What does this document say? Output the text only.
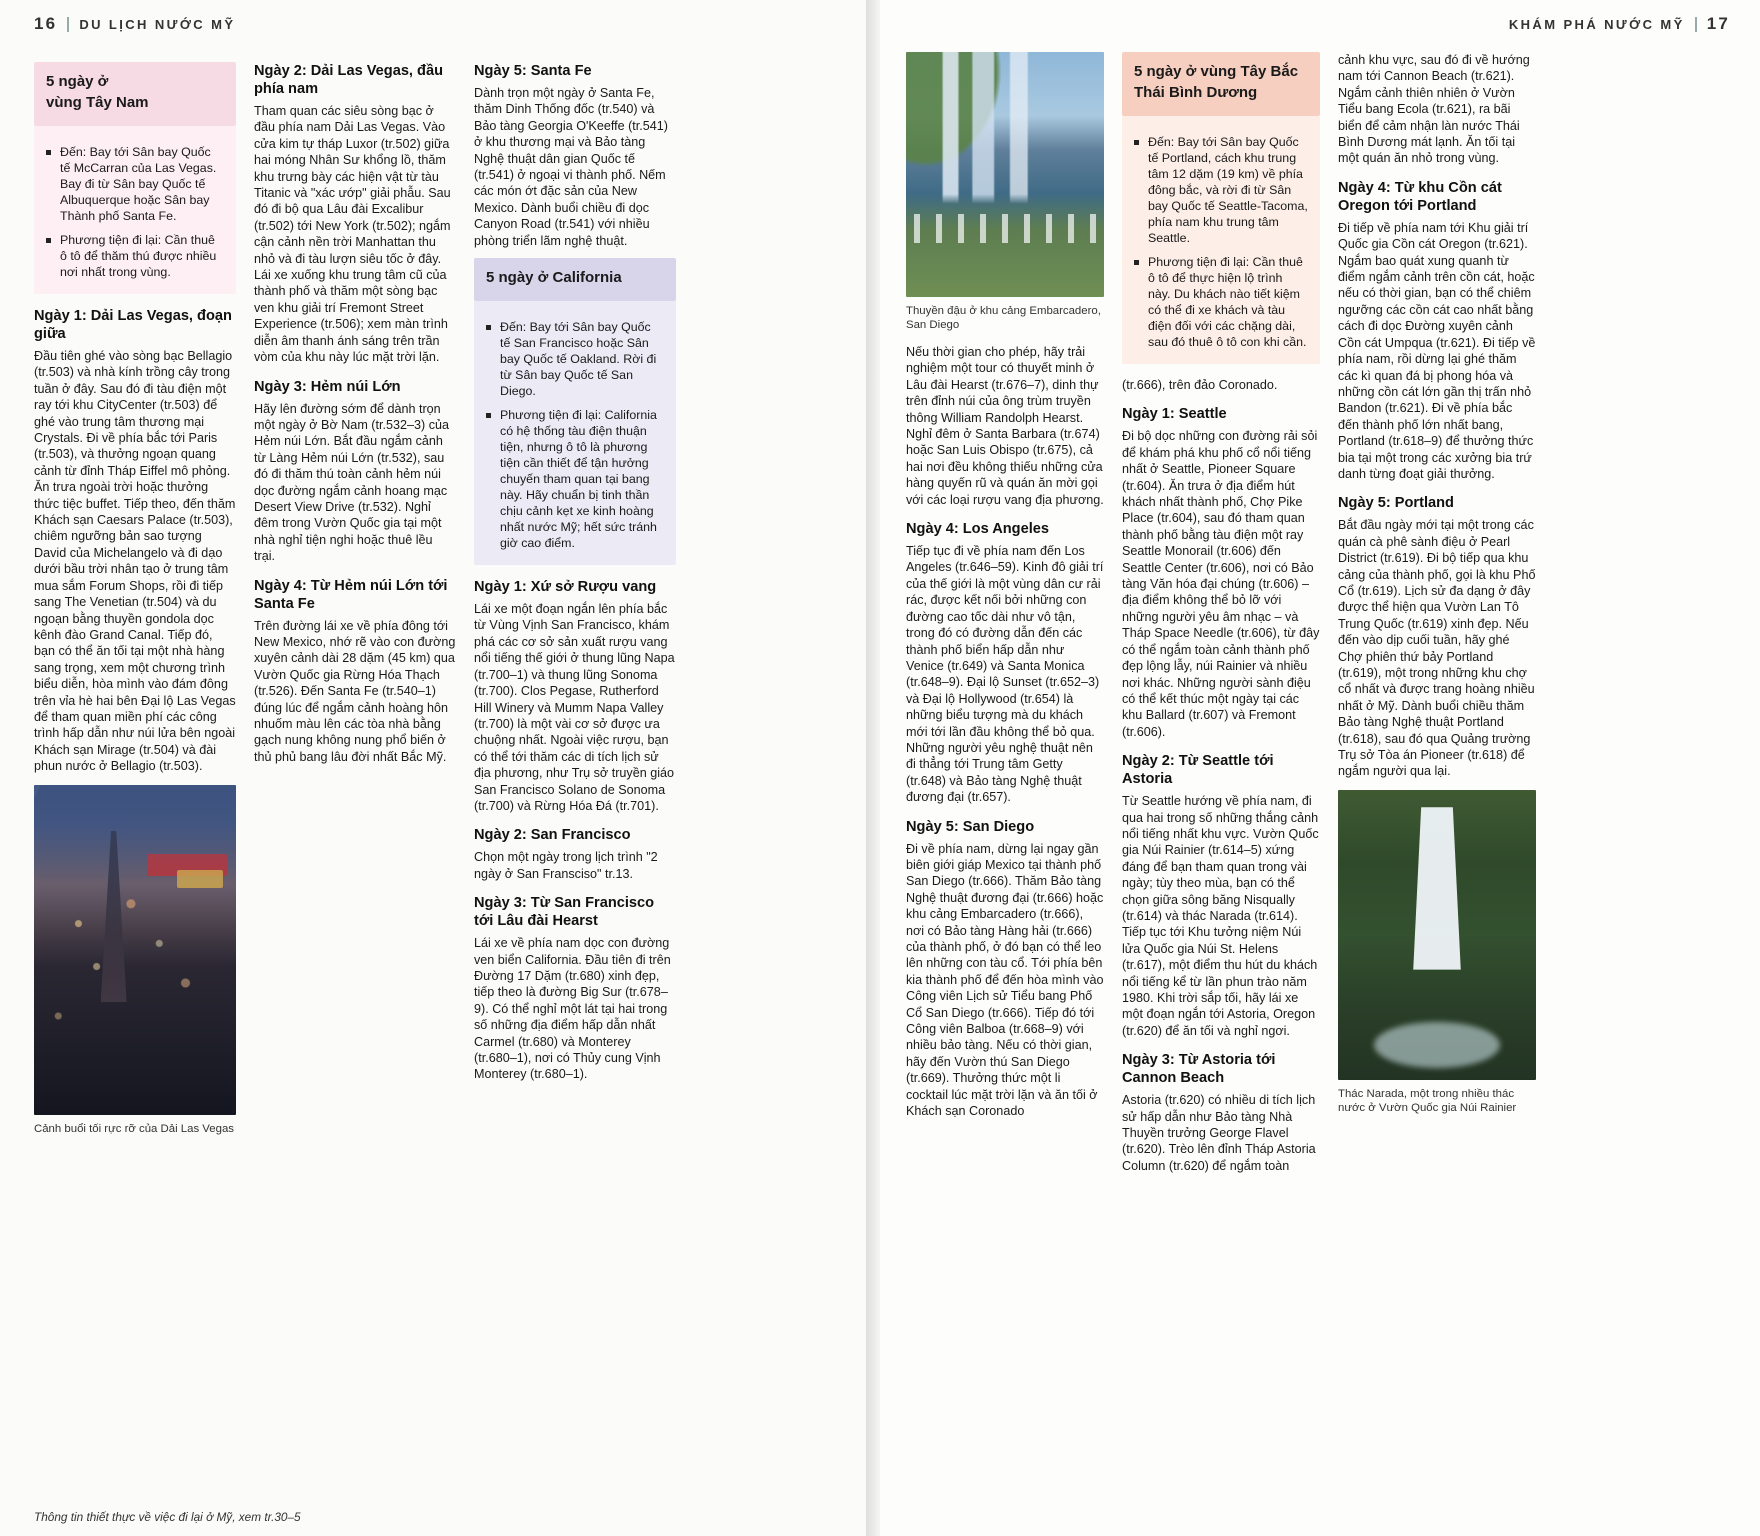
16 DU LỊCH NƯỚC MỸ
5 ngày ở
vùng Tây Nam
Đến: Bay tới Sân bay Quốc tế McCarran của Las Vegas. Bay đi từ Sân bay Quốc tế Albuquerque hoặc Sân bay Thành phố Santa Fe.
Phương tiện đi lại: Cần thuê ô tô để thăm thú được nhiều nơi nhất trong vùng.
Ngày 1: Dải Las Vegas, đoạn giữa

Đầu tiên ghé vào sòng bạc Bellagio (tr.503) và nhà kính trồng cây trong tuần ở đây. Sau đó đi tàu điện một ray tới khu CityCenter (tr.503) để ghé vào trung tâm thương mại Crystals. Đi về phía bắc tới Paris (tr.503), và thưởng ngoạn quang cảnh từ đỉnh Tháp Eiffel mô phỏng. Ăn trưa ngoài trời hoặc thưởng thức tiệc buffet. Tiếp theo, đến thăm Khách sạn Caesars Palace (tr.503), chiêm ngưỡng bản sao tượng David của Michelangelo và đi dạo dưới bầu trời nhân tạo ở trung tâm mua sắm Forum Shops, rồi đi tiếp sang The Venetian (tr.504) và du ngoạn bằng thuyền gondola dọc kênh đào Grand Canal. Tiếp đó, bạn có thể ăn tối tại một nhà hàng sang trọng, xem một chương trình biểu diễn, hòa mình vào đám đông trên vỉa hè hai bên Đại lộ Las Vegas để tham quan miền phí các công trình hấp dẫn như núi lửa bên ngoài Khách sạn Mirage (tr.504) và đài phun nước ở Bellagio (tr.503).

Cảnh buổi tối rực rỡ của Dải Las Vegas
Ngày 2: Dải Las Vegas, đầu phía nam

Tham quan các siêu sòng bạc ở đầu phía nam Dải Las Vegas. Vào cửa kim tự tháp Luxor (tr.502) giữa hai móng Nhân Sư khổng lồ, thăm khu trưng bày các hiện vật từ tàu Titanic và "xác ướp" giải phẫu. Sau đó đi bộ qua Lâu đài Excalibur (tr.502) tới New York (tr.502); ngắm cận cảnh nền trời Manhattan thu nhỏ và đi tàu lượn siêu tốc ở đây. Lái xe xuống khu trung tâm cũ của thành phố và thăm một sòng bạc ven khu giải trí Fremont Street Experience (tr.506); xem màn trình diễn âm thanh ánh sáng trên trần vòm của khu này lúc mặt trời lặn.

Ngày 3: Hẻm núi Lớn

Hãy lên đường sớm để dành trọn một ngày ở Bờ Nam (tr.532–3) của Hẻm núi Lớn. Bắt đầu ngắm cảnh từ Làng Hẻm núi Lớn (tr.532), sau đó đi thăm thú toàn cảnh hẻm núi dọc đường ngắm cảnh hoang mạc Desert View Drive (tr.532). Nghỉ đêm trong Vườn Quốc gia tại một nhà nghỉ tiện nghi hoặc thuê lều trại.

Ngày 4: Từ Hẻm núi Lớn tới Santa Fe

Trên đường lái xe về phía đông tới New Mexico, nhớ rẽ vào con đường xuyên cảnh dài 28 dặm (45 km) qua Vườn Quốc gia Rừng Hóa Thạch (tr.526). Đến Santa Fe (tr.540–1) đúng lúc để ngắm cảnh hoàng hôn nhuốm màu lên các tòa nhà bằng gạch nung không nung phổ biến ở thủ phủ bang lâu đời nhất Bắc Mỹ.

Ngày 5: Santa Fe

Dành trọn một ngày ở Santa Fe, thăm Dinh Thống đốc (tr.540) và Bảo tàng Georgia O'Keeffe (tr.541) ở khu thương mại và Bảo tàng Nghệ thuật dân gian Quốc tế (tr.541) ở ngoại vi thành phố. Nếm các món ớt đặc sản của New Mexico. Dành buổi chiều đi dọc Canyon Road (tr.541) với nhiều phòng triển lãm nghệ thuật.

5 ngày ở California
Đến: Bay tới Sân bay Quốc tế San Francisco hoặc Sân bay Quốc tế Oakland. Rời đi từ Sân bay Quốc tế San Diego.
Phương tiện đi lại: California có hệ thống tàu điện thuận tiện, nhưng ô tô là phương tiện cần thiết để tận hưởng chuyến tham quan tại bang này. Hãy chuẩn bị tinh thần chịu cảnh kẹt xe kinh hoàng nhất nước Mỹ; hết sức tránh giờ cao điểm.
Ngày 1: Xứ sở Rượu vang

Lái xe một đoạn ngắn lên phía bắc từ Vùng Vịnh San Francisco, khám phá các cơ sở sản xuất rượu vang nổi tiếng thế giới ở thung lũng Napa (tr.700–1) và thung lũng Sonoma (tr.700). Clos Pegase, Rutherford Hill Winery và Mumm Napa Valley (tr.700) là một vài cơ sở được ưa chuộng nhất. Ngoài việc rượu, bạn có thể tới thăm các di tích lịch sử địa phương, như Trụ sở truyền giáo San Francisco Solano de Sonoma (tr.700) và Rừng Hóa Đá (tr.701).

Ngày 2: San Francisco

Chọn một ngày trong lịch trình "2 ngày ở San Fransciso" tr.13.

Ngày 3: Từ San Francisco tới Lâu đài Hearst

Lái xe về phía nam dọc con đường ven biển California. Đầu tiên đi trên Đường 17 Dặm (tr.680) xinh đẹp, tiếp theo là đường Big Sur (tr.678–9). Có thể nghỉ một lát tại hai trong số những địa điểm hấp dẫn nhất Carmel (tr.680) và Monterey (tr.680–1), nơi có Thủy cung Vịnh Monterey (tr.680–1).

Thông tin thiết thực về việc đi lại ở Mỹ, xem tr.30–5
KHÁM PHÁ NƯỚC MỸ 17
Thuyền đậu ở khu cảng Embarcadero, San Diego

Nếu thời gian cho phép, hãy trải nghiệm một tour có thuyết minh ở Lâu đài Hearst (tr.676–7), dinh thự trên đỉnh núi của ông trùm truyền thông William Randolph Hearst. Nghỉ đêm ở Santa Barbara (tr.674) hoặc San Luis Obispo (tr.675), cả hai nơi đều không thiếu những cửa hàng quyến rũ và quán ăn mời gọi với các loại rượu vang địa phương.

Ngày 4: Los Angeles

Tiếp tục đi về phía nam đến Los Angeles (tr.646–59). Kinh đô giải trí của thế giới là một vùng dân cư rải rác, được kết nối bởi những con đường cao tốc dài như vô tận, trong đó có đường dẫn đến các thành phố biển hấp dẫn như Venice (tr.649) và Santa Monica (tr.648–9). Đại lộ Sunset (tr.652–3) và Đại lộ Hollywood (tr.654) là những biểu tượng mà du khách mới tới lần đầu không thể bỏ qua. Những người yêu nghệ thuật nên đi thẳng tới Trung tâm Getty (tr.648) và Bảo tàng Nghệ thuật đương đại (tr.657).

Ngày 5: San Diego

Đi về phía nam, dừng lại ngay gần biên giới giáp Mexico tại thành phố San Diego (tr.666). Thăm Bảo tàng Nghệ thuật đương đại (tr.666) hoặc khu cảng Embarcadero (tr.666), nơi có Bảo tàng Hàng hải (tr.666) của thành phố, ở đó bạn có thể leo lên những con tàu cổ. Tới phía bên kia thành phố để đến hòa mình vào Công viên Lịch sử Tiểu bang Phố Cổ San Diego (tr.666). Tiếp đó tới Công viên Balboa (tr.668–9) với nhiều bảo tàng. Nếu có thời gian, hãy đến Vườn thú San Diego (tr.669). Thưởng thức một li cocktail lúc mặt trời lặn và ăn tối ở Khách sạn Coronado

5 ngày ở vùng Tây Bắc
Thái Bình Dương
Đến: Bay tới Sân bay Quốc tế Portland, cách khu trung tâm 12 dặm (19 km) về phía đông bắc, và rời đi từ Sân bay Quốc tế Seattle-Tacoma, phía nam khu trung tâm Seattle.
Phương tiện đi lại: Cần thuê ô tô để thực hiện lộ trình này. Du khách nào tiết kiệm có thể đi xe khách và tàu điện đối với các chặng dài, sau đó thuê ô tô con khi cần.

(tr.666), trên đảo Coronado.

Ngày 1: Seattle

Đi bộ dọc những con đường rải sỏi để khám phá khu phố cổ nổi tiếng nhất ở Seattle, Pioneer Square (tr.604). Ăn trưa ở địa điểm hút khách nhất thành phố, Chợ Pike Place (tr.604), sau đó tham quan thành phố bằng tàu điện một ray Seattle Monorail (tr.606) đến Seattle Center (tr.606), nơi có Bảo tàng Văn hóa đại chúng (tr.606) – địa điểm không thể bỏ lỡ với những người yêu âm nhạc – và Tháp Space Needle (tr.606), từ đây có thể ngắm toàn cảnh thành phố đẹp lộng lẫy, núi Rainier và nhiều nơi khác. Những người sành điệu có thể kết thúc một ngày tại các khu Ballard (tr.607) và Fremont (tr.606).

Ngày 2: Từ Seattle tới Astoria

Từ Seattle hướng về phía nam, đi qua hai trong số những thắng cảnh nổi tiếng nhất khu vực. Vườn Quốc gia Núi Rainier (tr.614–5) xứng đáng để bạn tham quan trong vài ngày; tùy theo mùa, bạn có thể chọn giữa sông băng Nisqually (tr.614) và thác Narada (tr.614). Tiếp tục tới Khu tưởng niệm Núi lửa Quốc gia Núi St. Helens (tr.617), một điểm thu hút du khách nổi tiếng kể từ lần phun trào năm 1980. Khi trời sắp tối, hãy lái xe một đoạn ngắn tới Astoria, Oregon (tr.620) để ăn tối và nghỉ ngơi.

Ngày 3: Từ Astoria tới Cannon Beach

Astoria (tr.620) có nhiều di tích lịch sử hấp dẫn như Bảo tàng Nhà Thuyền trưởng George Flavel (tr.620). Trèo lên đỉnh Tháp Astoria Column (tr.620) để ngắm toàn

cảnh khu vực, sau đó đi về hướng nam tới Cannon Beach (tr.621). Ngắm cảnh thiên nhiên ở Vườn Tiểu bang Ecola (tr.621), ra bãi biển để cảm nhận làn nước Thái Bình Dương mát lạnh. Ăn tối tại một quán ăn nhỏ trong vùng.

Ngày 4: Từ khu Cồn cát Oregon tới Portland

Đi tiếp về phía nam tới Khu giải trí Quốc gia Cồn cát Oregon (tr.621). Ngắm bao quát xung quanh từ điểm ngắm cảnh trên cồn cát, hoặc nếu có thời gian, bạn có thể chiêm ngưỡng các cồn cát cao nhất bằng cách đi dọc Đường xuyên cảnh Cồn cát Umpqua (tr.621). Đi tiếp về phía nam, rồi dừng lại ghé thăm các kì quan đá bị phong hóa và những cồn cát lớn gần thị trấn nhỏ Bandon (tr.621). Đi về phía bắc đến thành phố lớn nhất bang, Portland (tr.618–9) để thưởng thức bia tại một trong các xưởng bia trứ danh từng đoạt giải thưởng.

Ngày 5: Portland

Bắt đầu ngày mới tại một trong các quán cà phê sành điệu ở Pearl District (tr.619). Đi bộ tiếp qua khu cảng của thành phố, gọi là khu Phố Cổ (tr.619). Lịch sử đa dạng ở đây được thể hiện qua Vườn Lan Tô Trung Quốc (tr.619) xinh đẹp. Nếu đến vào dịp cuối tuần, hãy ghé Chợ phiên thứ bảy Portland (tr.619), một trong những khu chợ cổ nhất và được trang hoàng nhiều nhất ở Mỹ. Dành buổi chiều thăm Bảo tàng Nghệ thuật Portland (tr.618), sau đó qua Quảng trường Trụ sở Tòa án Pioneer (tr.618) để ngắm người qua lại.

Thác Narada, một trong nhiều thác nước ở Vườn Quốc gia Núi Rainier
